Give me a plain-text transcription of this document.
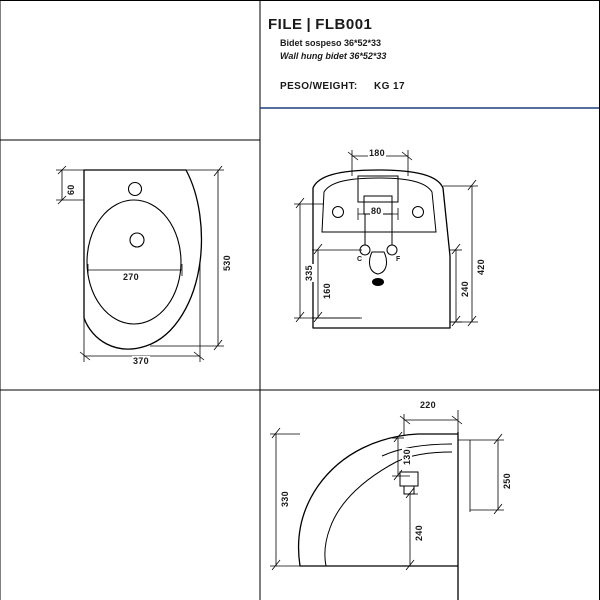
FILE | FLB001
Bidet sospeso 36*52*33
Wall hung bidet 36*52*33
PESO/WEIGHT: KG 17
60
270
530
370
180
80
335
160	240
420
C	F
220
130
330
240
250
